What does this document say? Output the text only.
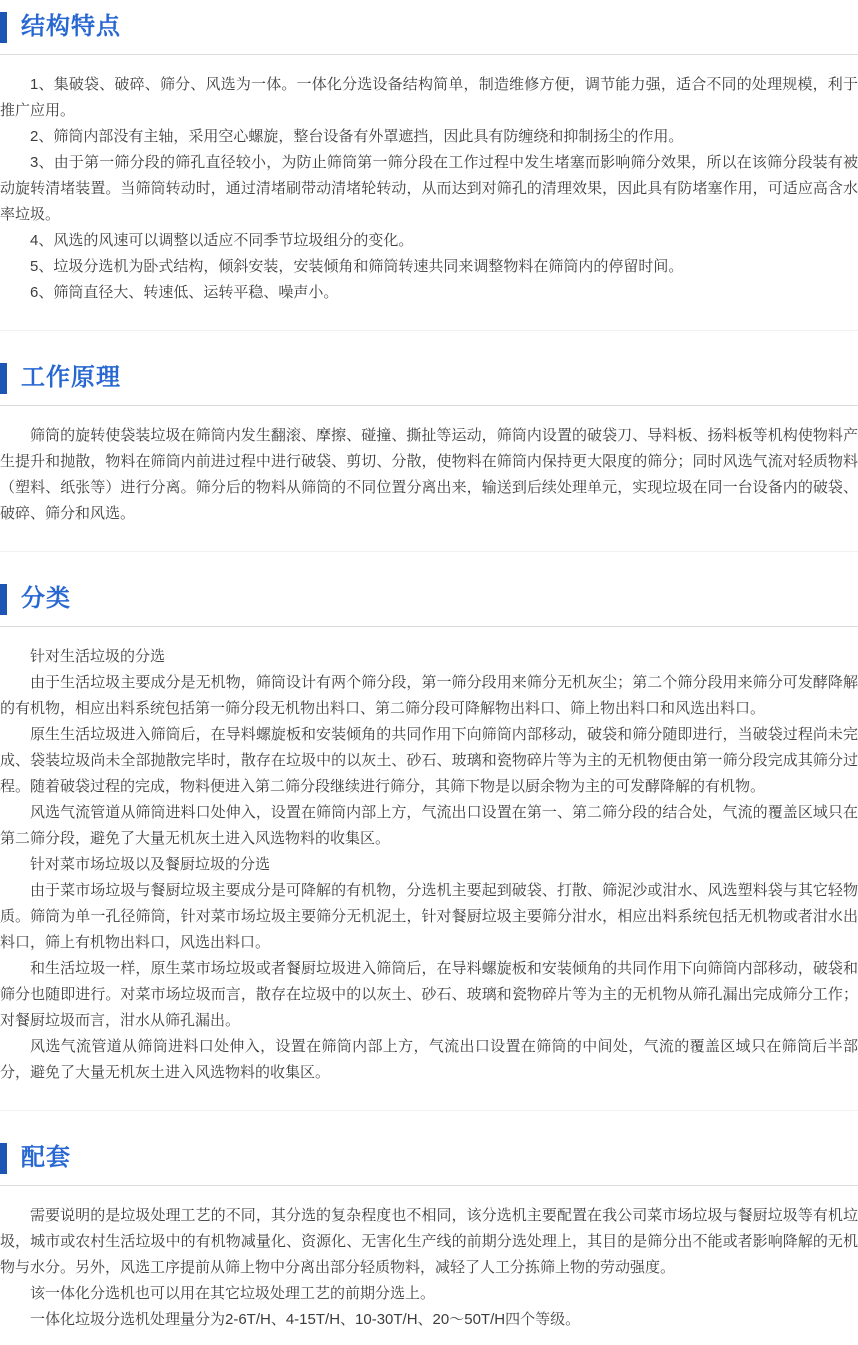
结构特点

1、集破袋、破碎、筛分、风选为一体。一体化分选设备结构简单，制造维修方便，调节能力强，适合不同的处理规模，利于推广应用。

2、筛筒内部没有主轴，采用空心螺旋，整台设备有外罩遮挡，因此具有防缠绕和抑制扬尘的作用。

3、由于第一筛分段的筛孔直径较小，为防止筛筒第一筛分段在工作过程中发生堵塞而影响筛分效果，所以在该筛分段装有被动旋转清堵装置。当筛筒转动时，通过清堵刷带动清堵轮转动，从而达到对筛孔的清理效果，因此具有防堵塞作用，可适应高含水率垃圾。

4、风选的风速可以调整以适应不同季节垃圾组分的变化。

5、垃圾分选机为卧式结构，倾斜安装，安装倾角和筛筒转速共同来调整物料在筛筒内的停留时间。

6、筛筒直径大、转速低、运转平稳、噪声小。

工作原理

筛筒的旋转使袋装垃圾在筛筒内发生翻滚、摩擦、碰撞、撕扯等运动，筛筒内设置的破袋刀、导料板、扬料板等机构使物料产生提升和抛散，物料在筛筒内前进过程中进行破袋、剪切、分散，使物料在筛筒内保持更大限度的筛分；同时风选气流对轻质物料（塑料、纸张等）进行分离。筛分后的物料从筛筒的不同位置分离出来，输送到后续处理单元，实现垃圾在同一台设备内的破袋、破碎、筛分和风选。

分类

针对生活垃圾的分选

由于生活垃圾主要成分是无机物，筛筒设计有两个筛分段，第一筛分段用来筛分无机灰尘；第二个筛分段用来筛分可发酵降解的有机物，相应出料系统包括第一筛分段无机物出料口、第二筛分段可降解物出料口、筛上物出料口和风选出料口。

原生生活垃圾进入筛筒后，在导料螺旋板和安装倾角的共同作用下向筛筒内部移动，破袋和筛分随即进行，当破袋过程尚未完成、袋装垃圾尚未全部抛散完毕时，散存在垃圾中的以灰土、砂石、玻璃和瓷物碎片等为主的无机物便由第一筛分段完成其筛分过程。随着破袋过程的完成，物料便进入第二筛分段继续进行筛分，其筛下物是以厨余物为主的可发酵降解的有机物。

风选气流管道从筛筒进料口处伸入，设置在筛筒内部上方，气流出口设置在第一、第二筛分段的结合处，气流的覆盖区域只在第二筛分段，避免了大量无机灰土进入风选物料的收集区。

针对菜市场垃圾以及餐厨垃圾的分选

由于菜市场垃圾与餐厨垃圾主要成分是可降解的有机物，分选机主要起到破袋、打散、筛泥沙或泔水、风选塑料袋与其它轻物质。筛筒为单一孔径筛筒，针对菜市场垃圾主要筛分无机泥土，针对餐厨垃圾主要筛分泔水，相应出料系统包括无机物或者泔水出料口，筛上有机物出料口，风选出料口。

和生活垃圾一样，原生菜市场垃圾或者餐厨垃圾进入筛筒后，在导料螺旋板和安装倾角的共同作用下向筛筒内部移动，破袋和筛分也随即进行。对菜市场垃圾而言，散存在垃圾中的以灰土、砂石、玻璃和瓷物碎片等为主的无机物从筛孔漏出完成筛分工作；对餐厨垃圾而言，泔水从筛孔漏出。

风选气流管道从筛筒进料口处伸入，设置在筛筒内部上方，气流出口设置在筛筒的中间处，气流的覆盖区域只在筛筒后半部分，避免了大量无机灰土进入风选物料的收集区。

配套

需要说明的是垃圾处理工艺的不同，其分选的复杂程度也不相同，该分选机主要配置在我公司菜市场垃圾与餐厨垃圾等有机垃圾，城市或农村生活垃圾中的有机物减量化、资源化、无害化生产线的前期分选处理上，其目的是筛分出不能或者影响降解的无机物与水分。另外，风选工序提前从筛上物中分离出部分轻质物料，减轻了人工分拣筛上物的劳动强度。

该一体化分选机也可以用在其它垃圾处理工艺的前期分选上。

一体化垃圾分选机处理量分为2-6T/H、4-15T/H、10-30T/H、20～50T/H四个等级。
